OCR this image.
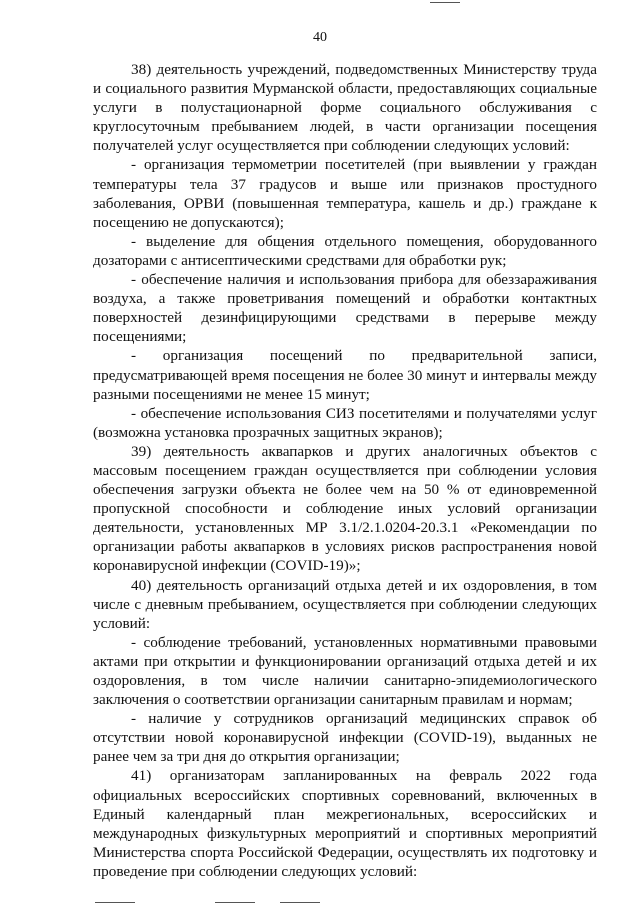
40

38) деятельность учреждений, подведомственных Министерству труда и социального развития Мурманской области, предоставляющих социальные услуги в полустационарной форме социального обслуживания с круглосуточным пребыванием людей, в части организации посещения получателей услуг осуществляется при соблюдении следующих условий:

- организация термометрии посетителей (при выявлении у граждан температуры тела 37 градусов и выше или признаков простудного заболевания, ОРВИ (повышенная температура, кашель и др.) граждане к посещению не допускаются);

- выделение для общения отдельного помещения, оборудованного дозаторами с антисептическими средствами для обработки рук;

- обеспечение наличия и использования прибора для обеззараживания воздуха, а также проветривания помещений и обработки контактных поверхностей дезинфицирующими средствами в перерыве между посещениями;

- организация посещений по предварительной записи, предусматривающей время посещения не более 30 минут и интервалы между разными посещениями не менее 15 минут;

- обеспечение использования СИЗ посетителями и получателями услуг (возможна установка прозрачных защитных экранов);

39) деятельность аквапарков и других аналогичных объектов с массовым посещением граждан осуществляется при соблюдении условия обеспечения загрузки объекта не более чем на 50 % от единовременной пропускной способности и соблюдение иных условий организации деятельности, установленных МР 3.1/2.1.0204-20.3.1 «Рекомендации по организации работы аквапарков в условиях рисков распространения новой коронавирусной инфекции (COVID-19)»;

40) деятельность организаций отдыха детей и их оздоровления, в том числе с дневным пребыванием, осуществляется при соблюдении следующих условий:

- соблюдение требований, установленных нормативными правовыми актами при открытии и функционировании организаций отдыха детей и их оздоровления, в том числе наличии санитарно-эпидемиологического заключения о соответствии организации санитарным правилам и нормам;

- наличие у сотрудников организаций медицинских справок об отсутствии новой коронавирусной инфекции (COVID-19), выданных не ранее чем за три дня до открытия организации;

41) организаторам запланированных на февраль 2022 года официальных всероссийских спортивных соревнований, включенных в Единый календарный план межрегиональных, всероссийских и международных физкультурных мероприятий и спортивных мероприятий Министерства спорта Российской Федерации, осуществлять их подготовку и проведение при соблюдении следующих условий:
